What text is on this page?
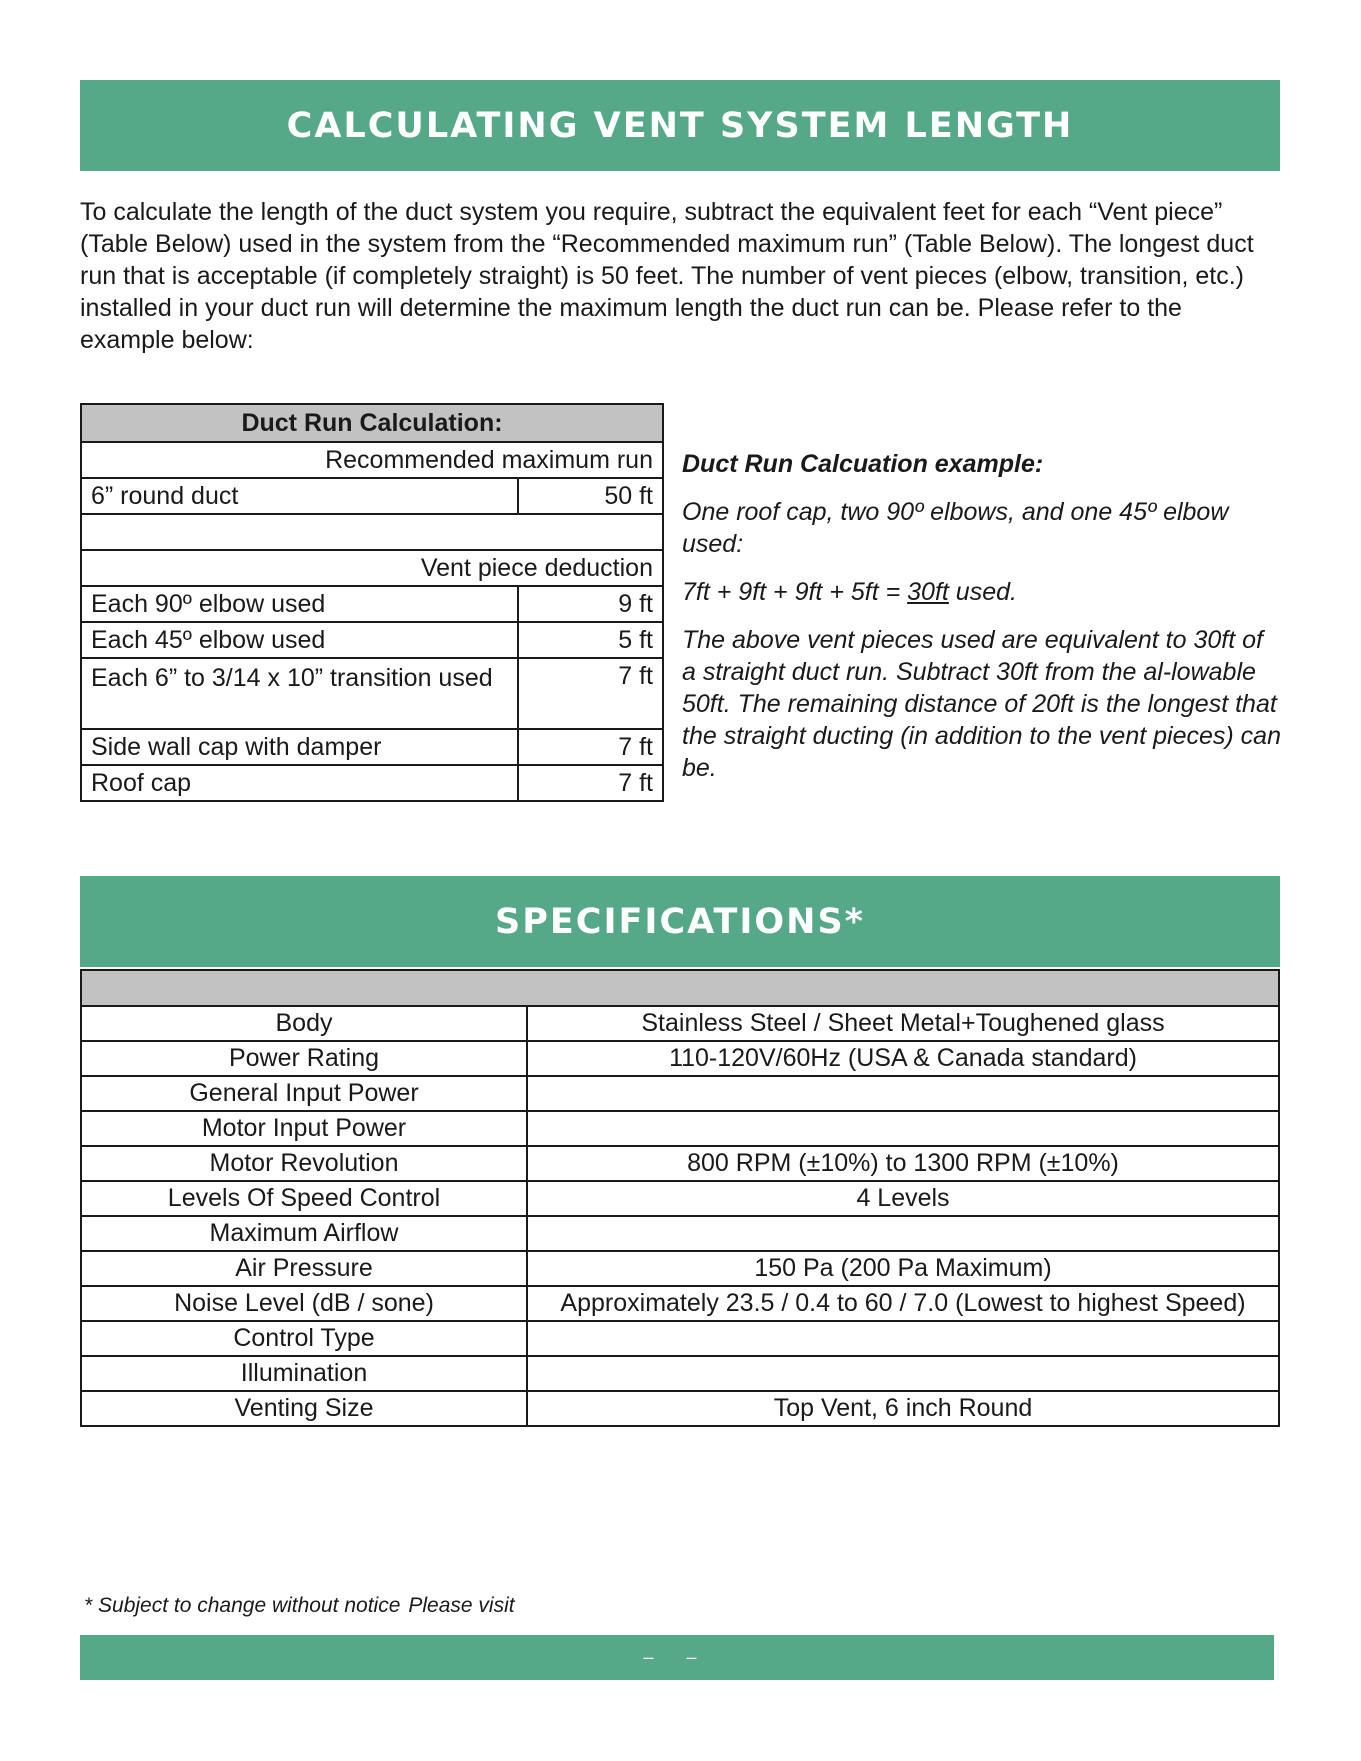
CALCULATING VENT SYSTEM LENGTH

To calculate the length of the duct system you require, subtract the equivalent feet for each “Vent piece” (Table Below) used in the system from the “Recommended maximum run” (Table Below). The longest duct run that is acceptable (if completely straight) is 50 feet. The number of vent pieces (elbow, transition, etc.) installed in your duct run will determine the maximum length the duct run can be. Please refer to the example below:

Duct Run Calculation:	
Recommended maximum run	
6” round duct	50 ft

Vent piece deduction	
Each 90º elbow used	9 ft
Each 45º elbow used	5 ft
Each 6” to 3/14 x 10” transition used	7 ft
Side wall cap with damper	7 ft
Roof cap	7 ft

Duct Run Calcuation example:

One roof cap, two 90º elbows, and one 45º elbow used:

7ft + 9ft + 9ft + 5ft = 30ft used.

The above vent pieces used are equivalent to 30ft of a straight duct run. Subtract 30ft from the al-lowable 50ft. The remaining distance of 20ft is the longest that the straight ducting (in addition to the vent pieces) can be.

SPECIFICATIONS*

Body	Stainless Steel / Sheet Metal+Toughened glass
Power Rating	110-120V/60Hz (USA & Canada standard)
General Input Power	
Motor Input Power	
Motor Revolution	800 RPM (±10%) to 1300 RPM (±10%)
Levels Of Speed Control	4 Levels
Maximum Airflow	
Air Pressure	150 Pa (200 Pa Maximum)
Noise Level (dB / sone)	Approximately 23.5 / 0.4 to 60 / 7.0 (Lowest to highest Speed)
Control Type	
Illumination	
Venting Size	Top Vent, 6 inch Round
* Subject to change without notice Please visit
– –
